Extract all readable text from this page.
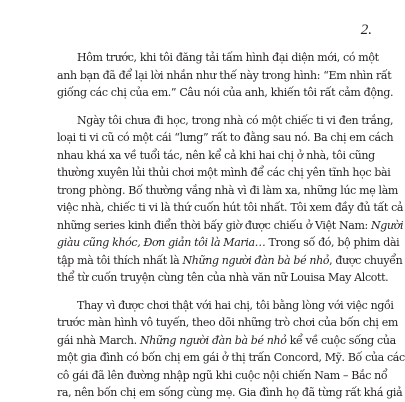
2.
Hôm trước, khi tôi đăng tải tấm hình đại diện mới, có một
anh bạn đã để lại lời nhắn như thế này trong hình: “Em nhìn rất
giống các chị của em.” Câu nói của anh, khiến tôi rất cảm động.
Ngày tôi chưa đi học, trong nhà có một chiếc ti vi đen trắng,
loại ti vi cũ có một cái “lưng” rất to đằng sau nó. Ba chị em cách
nhau khá xa về tuổi tác, nên kể cả khi hai chị ở nhà, tôi cũng
thường xuyên lủi thủi chơi một mình để các chị yên tĩnh học bài
trong phòng. Bố thường vắng nhà vì đi làm xa, những lúc mẹ làm
việc nhà, chiếc ti vi là thứ cuốn hút tôi nhất. Tôi xem đầy đủ tất cả
những series kinh điển thời bấy giờ được chiếu ở Việt Nam: Người
giàu cũng khóc, Đơn giản tôi là Maria… Trong số đó, bộ phim dài
tập mà tôi thích nhất là Những người đàn bà bé nhỏ, được chuyển
thể từ cuốn truyện cùng tên của nhà văn nữ Louisa May Alcott.
Thay vì được chơi thật với hai chị, tôi bằng lòng với việc ngồi
trước màn hình vô tuyến, theo dõi những trò chơi của bốn chị em
gái nhà March. Những người đàn bà bé nhỏ kể về cuộc sống của
một gia đình có bốn chị em gái ở thị trấn Concord, Mỹ. Bố của các
cô gái đã lên đường nhập ngũ khi cuộc nội chiến Nam – Bắc nổ
ra, nên bốn chị em sống cùng mẹ. Gia đình họ đã từng rất khá giả
